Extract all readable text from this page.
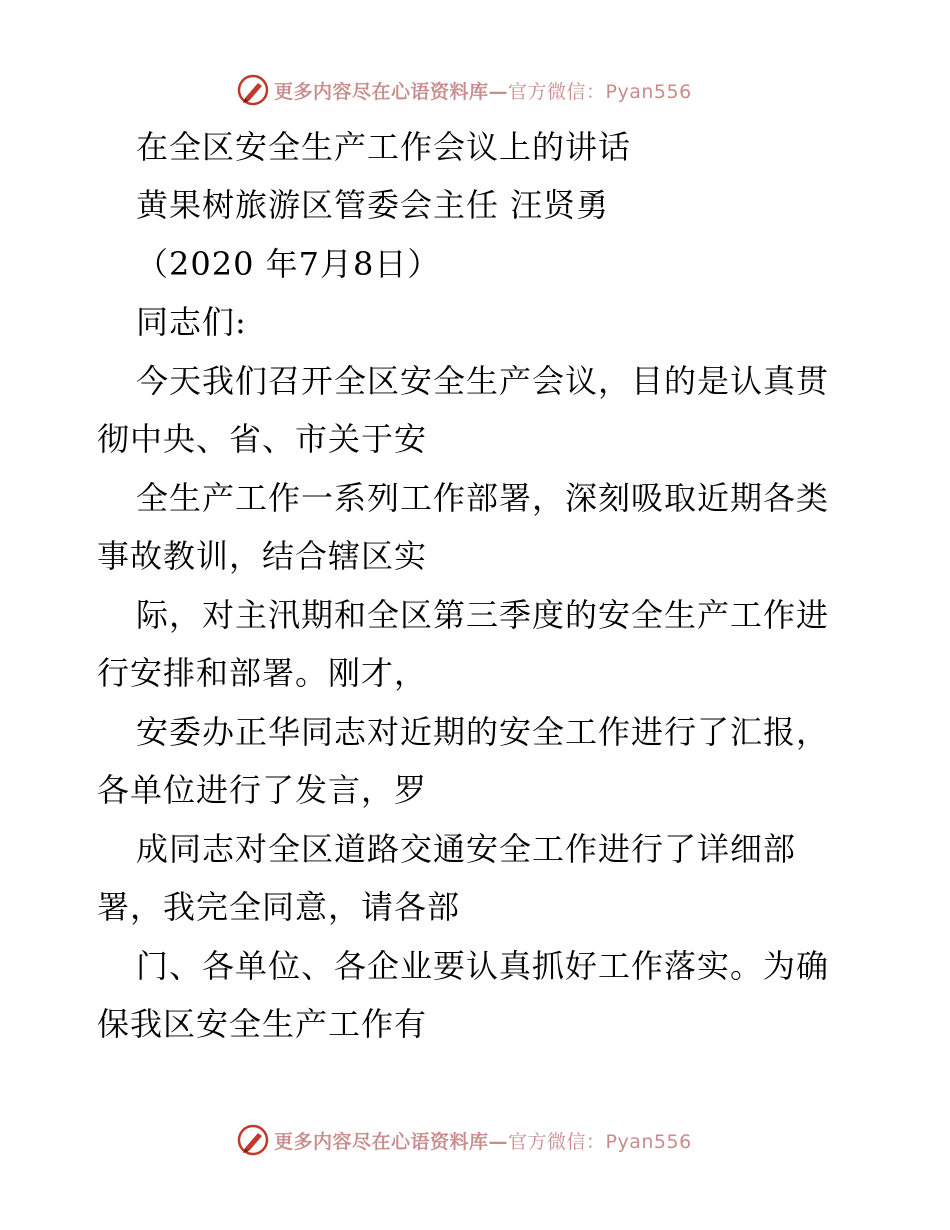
更多内容尽在心语资料库— 官方微信：Pyan556

在全区安全生产工作会议上的讲话

黄果树旅游区管委会主任 汪贤勇

（2020 年7月8日）

同志们:

今天我们召开全区安全生产会议，目的是认真贯

彻中央、省、市关于安

全生产工作一系列工作部署，深刻吸取近期各类

事故教训，结合辖区实

际，对主汛期和全区第三季度的安全生产工作进

行安排和部署。刚才，

安委办正华同志对近期的安全工作进行了汇报，

各单位进行了发言，罗

成同志对全区道路交通安全工作进行了详细部

署，我完全同意，请各部

门、各单位、各企业要认真抓好工作落实。为确

保我区安全生产工作有

更多内容尽在心语资料库— 官方微信：Pyan556
